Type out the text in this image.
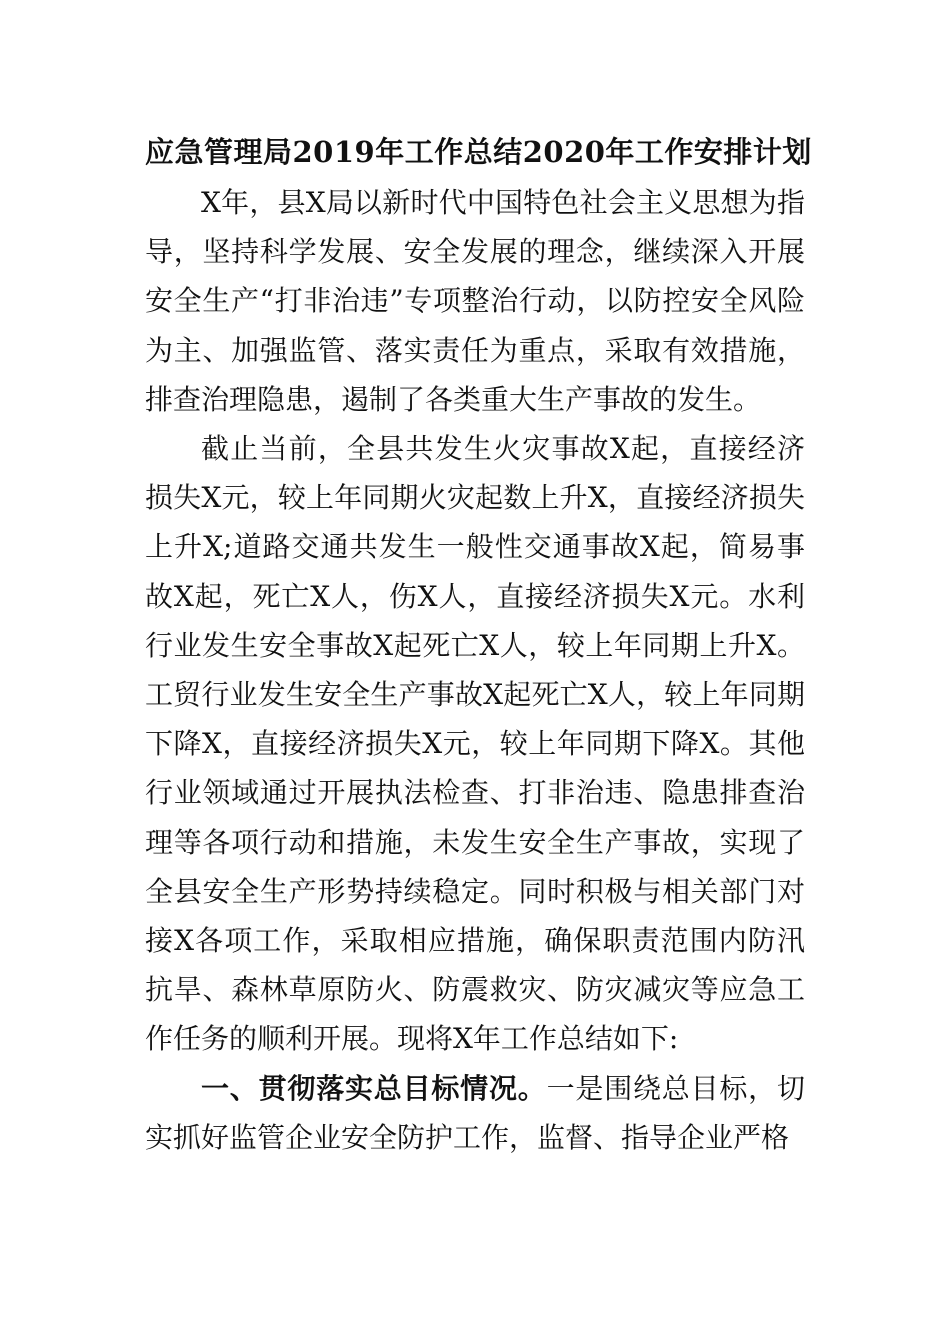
应急管理局2019年工作总结2020年工作安排计划

X年，县X局以新时代中国特色社会主义思想为指导，坚持科学发展、安全发展的理念，继续深入开展安全生产“打非治违”专项整治行动，以防控安全风险为主、加强监管、落实责任为重点，采取有效措施，排查治理隐患，遏制了各类重大生产事故的发生。

截止当前，全县共发生火灾事故X起，直接经济损失X元，较上年同期火灾起数上升X，直接经济损失上升X;道路交通共发生一般性交通事故X起，简易事故X起，死亡X人，伤X人，直接经济损失X元。水利行业发生安全事故X起死亡X人，较上年同期上升X。工贸行业发生安全生产事故X起死亡X人，较上年同期下降X，直接经济损失X元，较上年同期下降X。其他行业领域通过开展执法检查、打非治违、隐患排查治理等各项行动和措施，未发生安全生产事故，实现了全县安全生产形势持续稳定。同时积极与相关部门对接X各项工作，采取相应措施，确保职责范围内防汛抗旱、森林草原防火、防震救灾、防灾减灾等应急工作任务的顺利开展。现将X年工作总结如下:

一、贯彻落实总目标情况。一是围绕总目标，切实抓好监管企业安全防护工作，监督、指导企业严格
